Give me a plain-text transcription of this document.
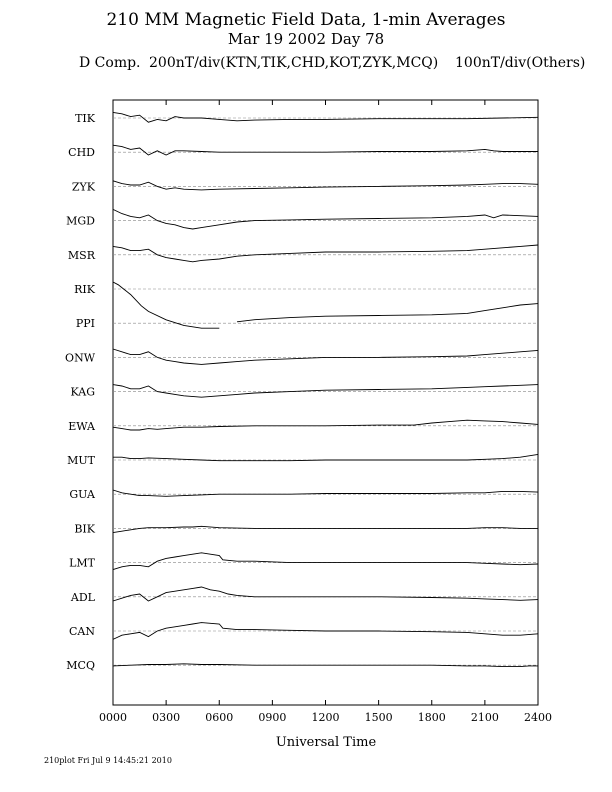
210 MM Magnetic Field Data, 1-min Averages
Mar 19 2002 Day 78
D Comp. 200nT/div(KTN,TIK,CHD,KOT,ZYK,MCQ) 100nT/div(Others)
TIK
CHD
ZYK
MGD
MSR
RIK
PPI
ONW
KAG
EWA
MUT
GUA
BIK
LMT
ADL
CAN
MCQ
0000 0300 0600 0900 1200 1500 1800 2100 2400
Universal Time
210plot Fri Jul 9 14:45:21 2010
